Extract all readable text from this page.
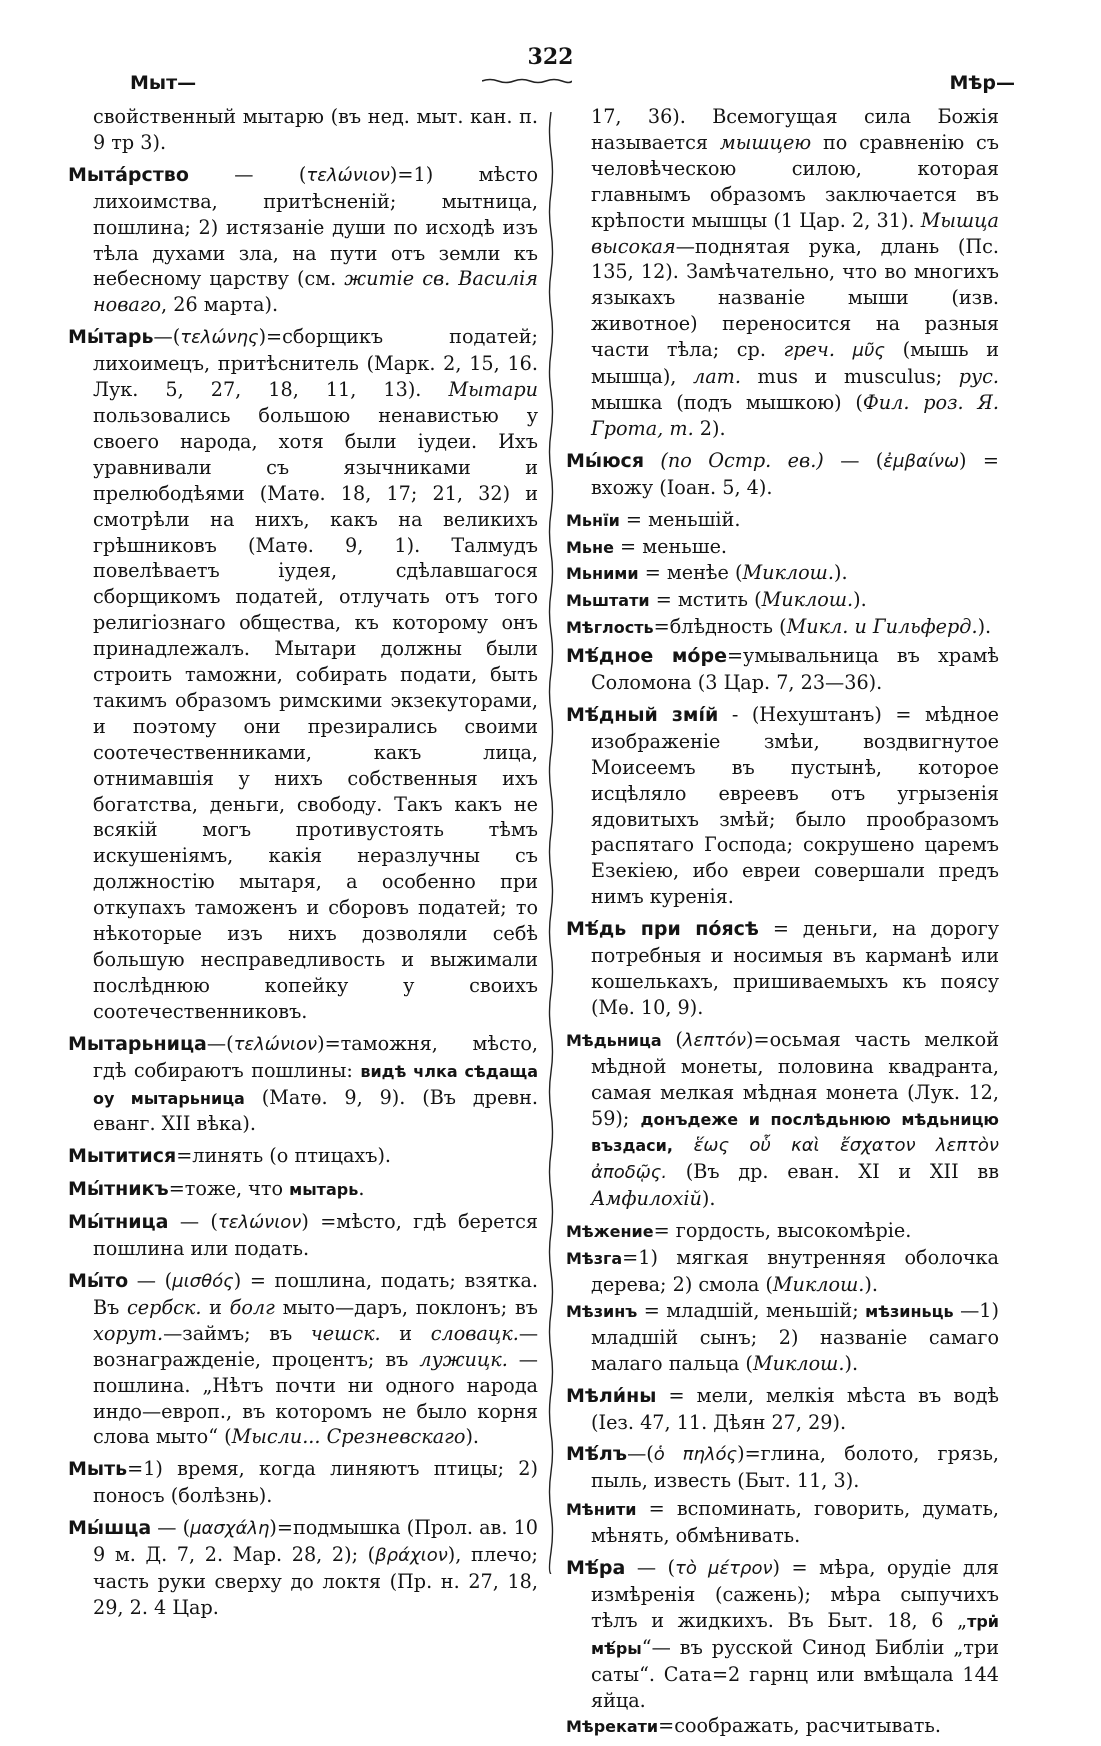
322
Мыт—	Мѣр—

свойственный мытарю (въ нед. мыт. кан. п. 9 тр 3).

Мыта́рство — (τελώνιον)=1) мѣсто лихоимства, притѣсненій; мытница, пошлина; 2) истязаніе души по исходѣ изъ тѣла духами зла, на пути отъ земли къ небесному царству (см. житіе св. Василія новаго, 26 марта).

Мы́тарь—(τελώνης)=сборщикъ податей; лихоимецъ, притѣснитель (Марк. 2, 15, 16. Лук. 5, 27, 18, 11, 13). Мытари пользовались большою ненавистью у своего народа, хотя были іудеи. Ихъ уравнивали съ язычниками и прелюбодѣями (Матѳ. 18, 17; 21, 32) и смотрѣли на нихъ, какъ на великихъ грѣшниковъ (Матѳ. 9, 1). Талмудъ повелѣваетъ іудея, сдѣлавшагося сборщикомъ податей, отлучать отъ того религіознаго общества, къ которому онъ принадлежалъ. Мытари должны были строить таможни, собирать подати, быть такимъ образомъ римскими экзекуторами, и поэтому они презирались своими соотечественниками, какъ лица, отнимавшія у нихъ собственныя ихъ богатства, деньги, свободу. Такъ какъ не всякій могъ противустоять тѣмъ искушеніямъ, какія неразлучны съ должностію мытаря, а особенно при откупахъ таможенъ и сборовъ податей; то нѣкоторые изъ нихъ дозволяли себѣ большую несправедливость и выжимали послѣднюю копейку у своихъ соотечественниковъ.

Мытарьница—(τελώνιον)=таможня, мѣсто, гдѣ собираютъ пошлины: видѣ члка сѣдаща оу мытарьница (Матѳ. 9, 9). (Въ древн. еванг. XII вѣка).

Мытитися=линять (о птицахъ).

Мы́тникъ=тоже, что мытарь.

Мы́тница — (τελώνιον) =мѣсто, гдѣ берется пошлина или подать.

Мы́то — (μισθός) = пошлина, подать; взятка. Въ сербск. и болг мыто—даръ, поклонъ; въ хорут.—займъ; въ чешск. и словацк.— вознагражденіе, процентъ; въ лужицк. — пошлина. „Нѣтъ почти ни одного народа индо—европ., въ которомъ не было корня слова мыто“ (Мысли... Срезневскаго).

Мыть=1) время, когда линяютъ птицы; 2) поносъ (болѣзнь).

Мы́шца — (μασχάλη)=подмышка (Прол. ав. 10 9 м. Д. 7, 2. Мар. 28, 2); (βράχιον), плечо; часть руки сверху до локтя (Пр. н. 27, 18, 29, 2. 4 Цар.

17, 36). Всемогущая сила Божія называется мышцею по сравненію съ человѣческою силою, которая главнымъ образомъ заключается въ крѣпости мышцы (1 Цар. 2, 31). Мышца высокая—поднятая рука, длань (Пс. 135, 12). Замѣчательно, что во многихъ языкахъ названіе мыши (изв. животное) переносится на разныя части тѣла; ср. греч. μῦς (мышь и мышца), лат. mus и musculus; рус. мышка (подъ мышкою) (Фил. роз. Я. Грота, т. 2).

Мы́юся (по Остр. ев.) — (ἐμβαίνω) = вхожу (Іоан. 5, 4).

Мьнїи = меньшій.

Мьне = меньше.

Мьними = менѣе (Миклош.).

Мьштати = мстить (Миклош.).

Мѣглость=блѣдность (Микл. и Гильферд.).

Мѣ́дное мо́ре=умывальница въ храмѣ Соломона (3 Цар. 7, 23—36).

Мѣ́дный змі́й - (Нехуштанъ) = мѣдное изображеніе змѣи, воздвигнутое Моисеемъ въ пустынѣ, которое исцѣляло евреевъ отъ угрызенія ядовитыхъ змѣй; было прообразомъ распятаго Господа; сокрушено царемъ Езекіею, ибо евреи совершали предъ нимъ куренія.

Мѣ́дь при по́ясѣ = деньги, на дорогу потребныя и носимыя въ карманѣ или кошелькахъ, пришиваемыхъ къ поясу (Мѳ. 10, 9).

Мѣдьница (λεπτόν)=осьмая часть мелкой мѣдной монеты, половина квадранта, самая мелкая мѣдная монета (Лук. 12, 59); донъдеже и послѣдьнюю мѣдьницю въздаси, ἕως οὗ καὶ ἔσχατον λεπτὸν ἀποδῷς. (Въ др. еван. XI и XII вв Амфилохій).

Мѣжение= гордость, высокомѣріе.

Мѣзга=1) мягкая внутренняя оболочка дерева; 2) смола (Миклош.).

Мѣзинъ = младшій, меньшій; мѣзиньць —1) младшій сынъ; 2) названіе самаго малаго пальца (Миклош.).

Мѣли́ны = мели, мелкія мѣста въ водѣ (Іез. 47, 11. Дѣян 27, 29).

Мѣ́лъ—(ὁ πηλός)=глина, болото, грязь, пыль, известь (Быт. 11, 3).

Мѣнити = вспоминать, говорить, думать, мѣнять, обмѣнивать.

Мѣ́ра — (τὸ μέτρον) = мѣра, орудіе для измѣренія (сажень); мѣра сыпучихъ тѣлъ и жидкихъ. Въ Быт. 18, 6 „три̇ мѣ́ры“— въ русской Синод Библіи „три саты“. Сата=2 гарнц или вмѣщала 144 яйца.

Мѣрекати=соображать, расчитывать.
